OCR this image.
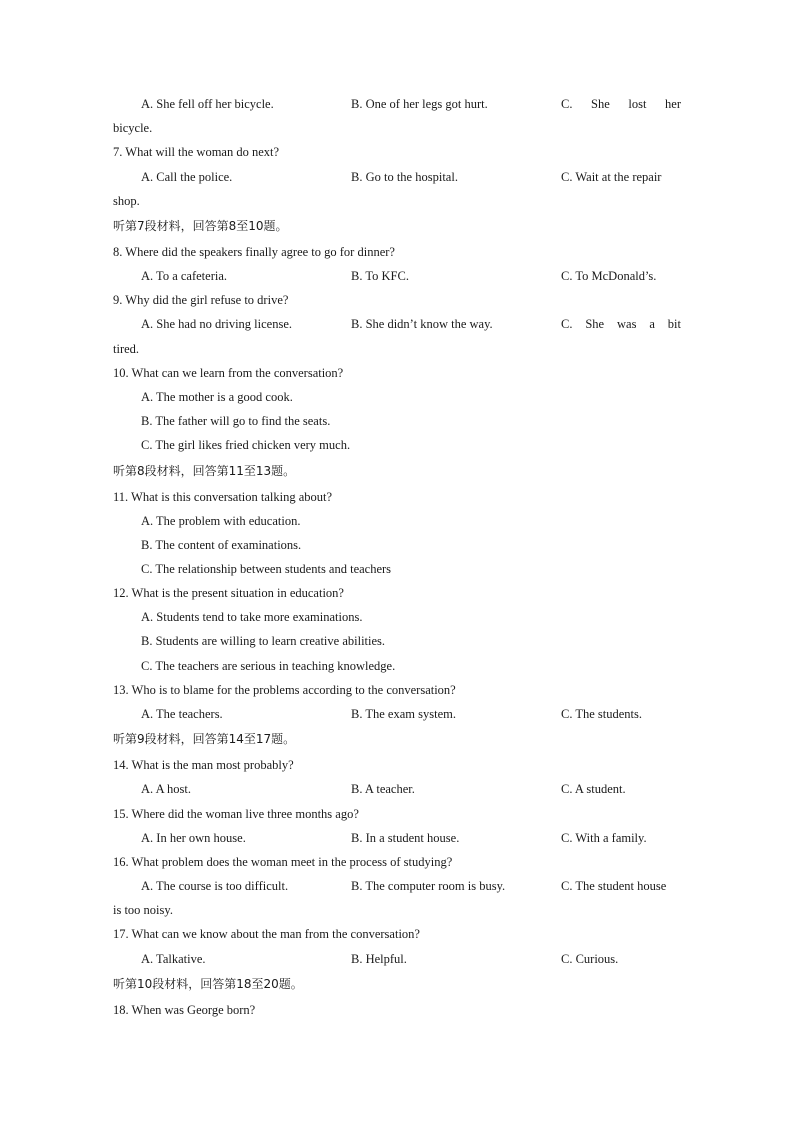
A. She fell off her bicycle.	B. One of her legs got hurt.	C. She lost her
bicycle.
7. What will the woman do next?
A. Call the police.	B. Go to the hospital.	C. Wait at the repair
shop.
听第7段材料，回答第8至10题。
8. Where did the speakers finally agree to go for dinner?
A. To a cafeteria.	B. To KFC.	C. To McDonald’s.
9. Why did the girl refuse to drive?
A. She had no driving license.	B. She didn’t know the way.	C. She was a bit
tired.
10. What can we learn from the conversation?
A. The mother is a good cook.
B. The father will go to find the seats.
C. The girl likes fried chicken very much.
听第8段材料，回答第11至13题。
11. What is this conversation talking about?
A. The problem with education.
B. The content of examinations.
C. The relationship between students and teachers
12. What is the present situation in education?
A. Students tend to take more examinations.
B. Students are willing to learn creative abilities.
C. The teachers are serious in teaching knowledge.
13. Who is to blame for the problems according to the conversation?
A. The teachers.	B. The exam system.	C. The students.
听第9段材料，回答第14至17题。
14. What is the man most probably?
A. A host.	B. A teacher.	C. A student.
15. Where did the woman live three months ago?
A. In her own house.	B. In a student house.	C. With a family.
16. What problem does the woman meet in the process of studying?
A. The course is too difficult.	B. The computer room is busy.	C. The student house
is too noisy.
17. What can we know about the man from the conversation?
A. Talkative.	B. Helpful.	C. Curious.
听第10段材料，回答第18至20题。
18. When was George born?
